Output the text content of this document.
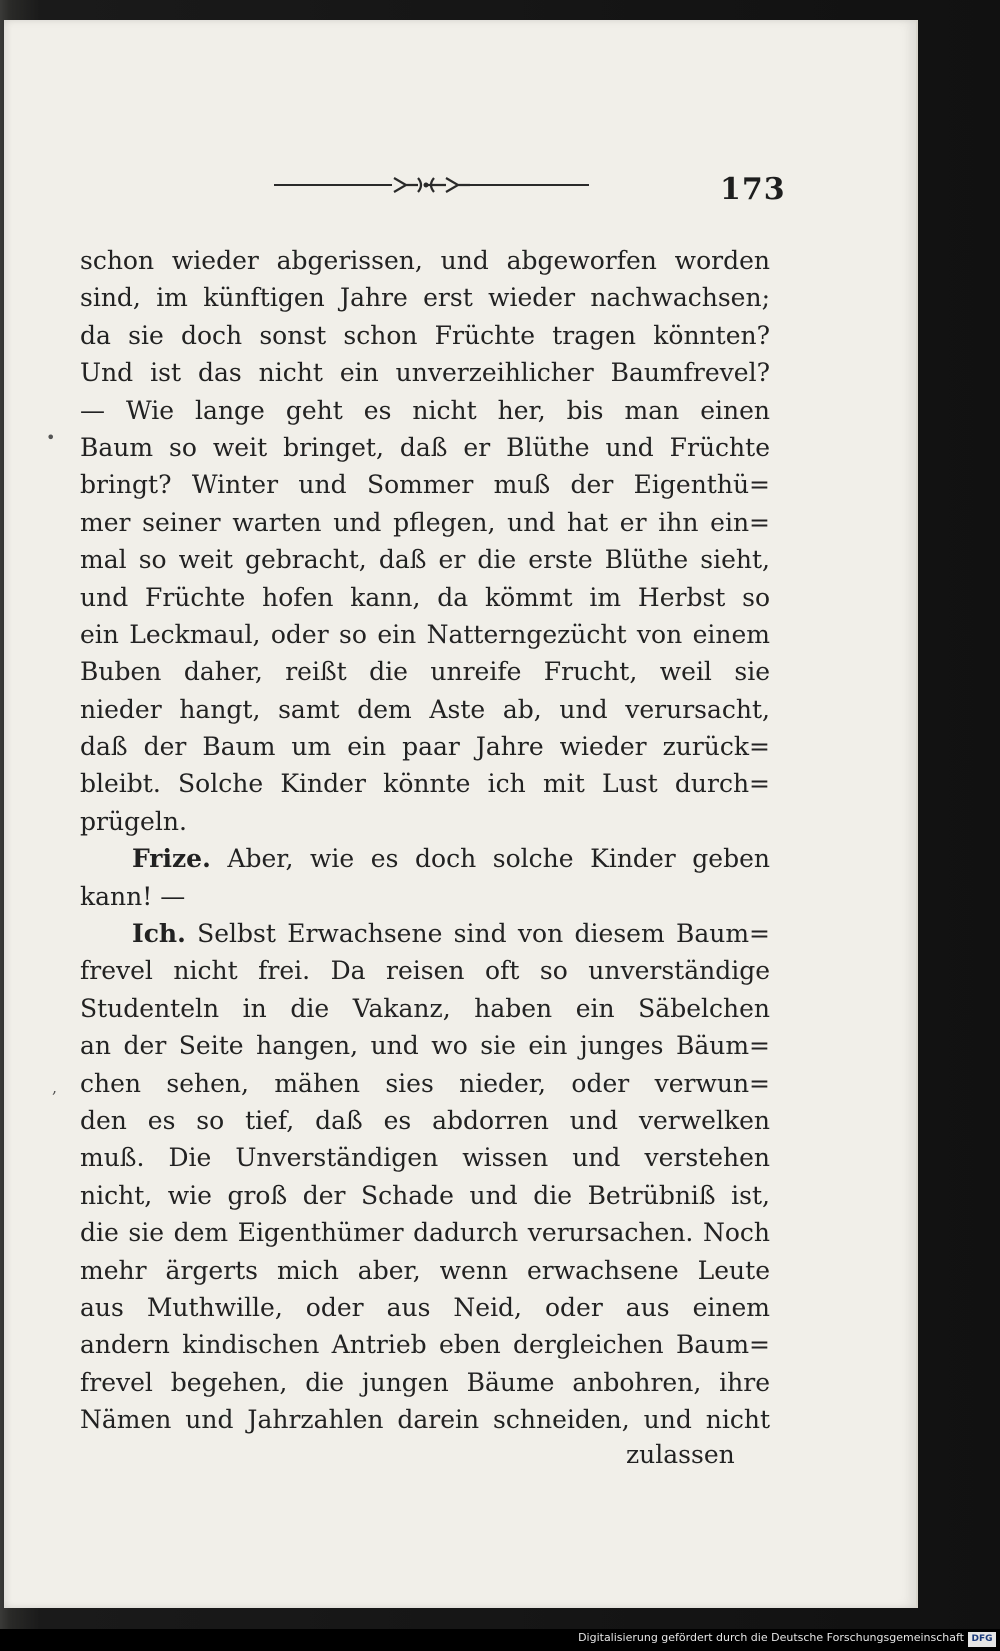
173
schon wieder abgerissen, und abgeworfen worden
sind, im künftigen Jahre erst wieder nachwachsen;
da sie doch sonst schon Früchte tragen könnten?
Und ist das nicht ein unverzeihlicher Baumfrevel?
— Wie lange geht es nicht her, bis man einen
Baum so weit bringet, daß er Blüthe und Früchte
bringt? Winter und Sommer muß der Eigenthü=
mer seiner warten und pflegen, und hat er ihn ein=
mal so weit gebracht, daß er die erste Blüthe sieht,
und Früchte hofen kann, da kömmt im Herbst so
ein Leckmaul, oder so ein Natterngezücht von einem
Buben daher, reißt die unreife Frucht, weil sie
nieder hangt, samt dem Aste ab, und verursacht,
daß der Baum um ein paar Jahre wieder zurück=
bleibt. Solche Kinder könnte ich mit Lust durch=
prügeln.
Frize. Aber, wie es doch solche Kinder geben
kann! —
Ich. Selbst Erwachsene sind von diesem Baum=
frevel nicht frei. Da reisen oft so unverständige
Studenteln in die Vakanz, haben ein Säbelchen
an der Seite hangen, und wo sie ein junges Bäum=
chen sehen, mähen sies nieder, oder verwun=
den es so tief, daß es abdorren und verwelken
muß. Die Unverständigen wissen und verstehen
nicht, wie groß der Schade und die Betrübniß ist,
die sie dem Eigenthümer dadurch verursachen. Noch
mehr ärgerts mich aber, wenn erwachsene Leute
aus Muthwille, oder aus Neid, oder aus einem
andern kindischen Antrieb eben dergleichen Baum=
frevel begehen, die jungen Bäume anbohren, ihre
Nämen und Jahrzahlen darein schneiden, und nicht
zulassen
•
,
Digitalisierung gefördert durch die Deutsche Forschungsgemeinschaft DFG
